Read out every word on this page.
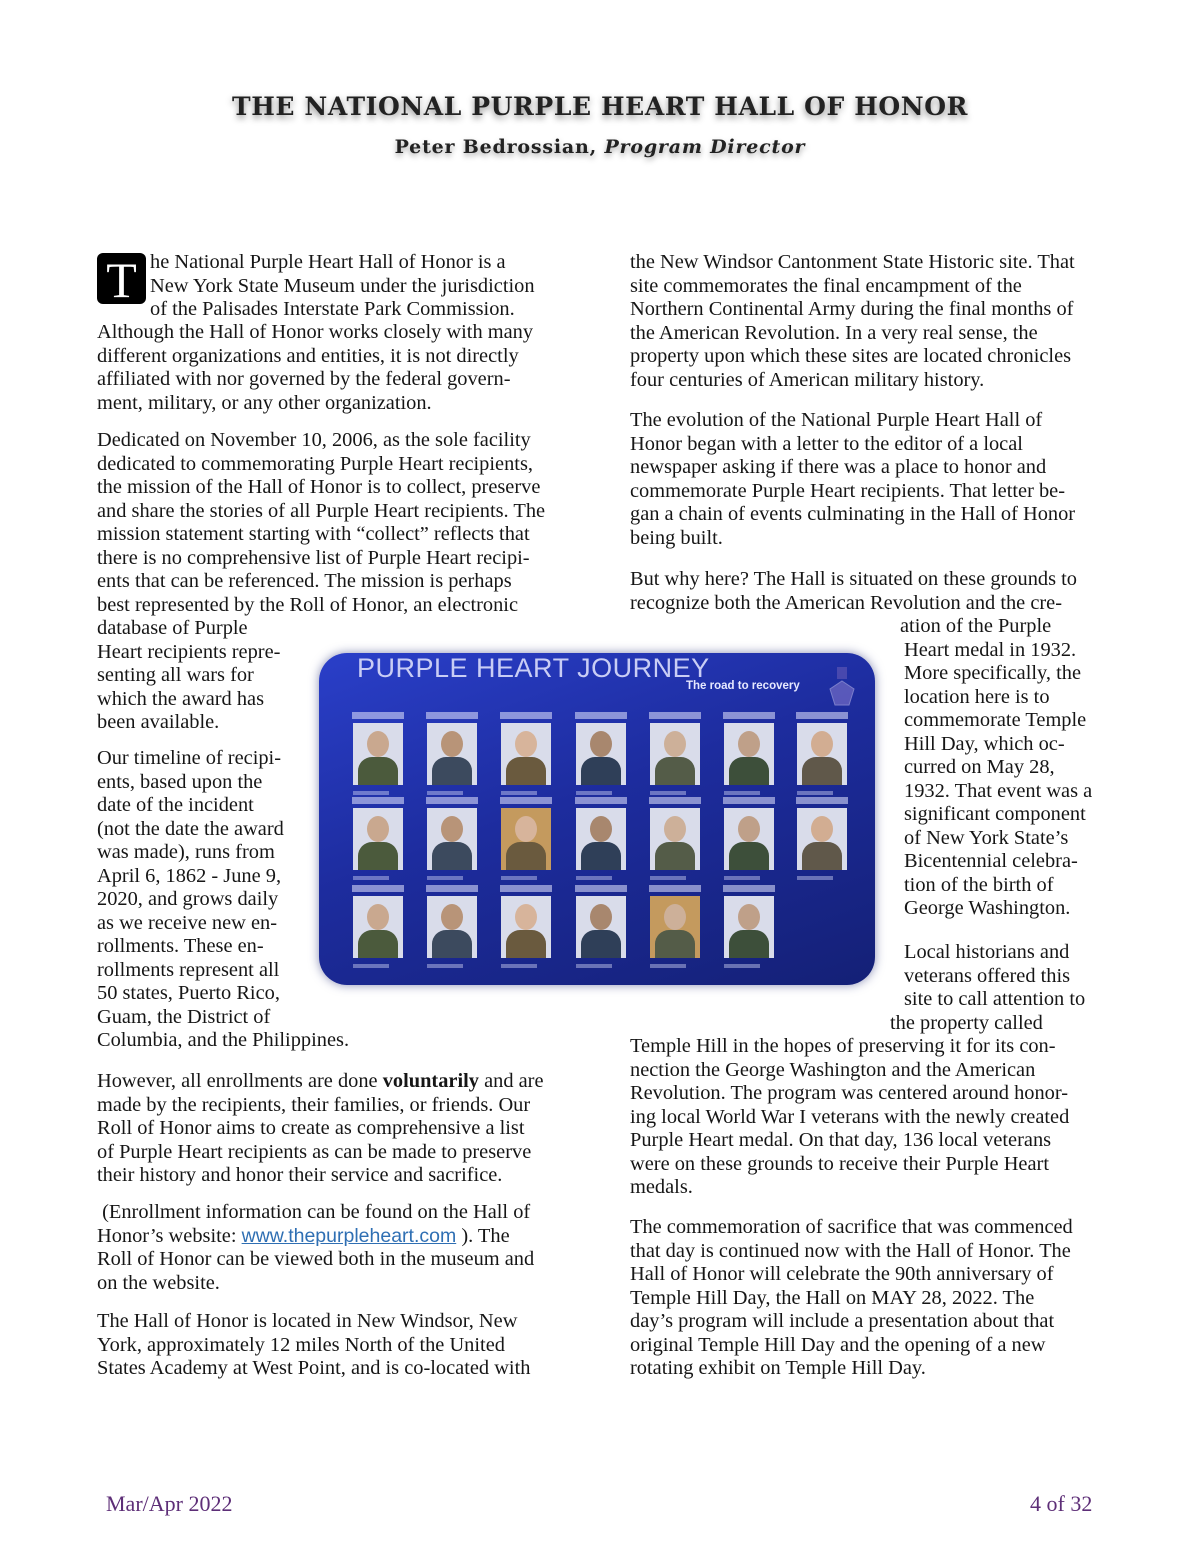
THE NATIONAL PURPLE HEART HALL OF HONOR
Peter Bedrossian, Program Director
T he National Purple Heart Hall of Honor is a
New York State Museum under the jurisdiction
of the Palisades Interstate Park Commission.
Although the Hall of Honor works closely with many
different organizations and entities, it is not directly
affiliated with nor governed by the federal govern-
ment, military, or any other organization.
Dedicated on November 10, 2006, as the sole facility
dedicated to commemorating Purple Heart recipients,
the mission of the Hall of Honor is to collect, preserve
and share the stories of all Purple Heart recipients. The
mission statement starting with “collect” reflects that
there is no comprehensive list of Purple Heart recipi-
ents that can be referenced. The mission is perhaps
best represented by the Roll of Honor, an electronic
database of Purple
Heart recipients repre-
senting all wars for
which the award has
been available.
Our timeline of recipi-
ents, based upon the
date of the incident
(not the date the award
was made), runs from
April 6, 1862 - June 9,
2020, and grows daily
as we receive new en-
rollments. These en-
rollments represent all
50 states, Puerto Rico,
Guam, the District of
Columbia, and the Philippines.
However, all enrollments are done voluntarily and are
made by the recipients, their families, or friends. Our
Roll of Honor aims to create as comprehensive a list
of Purple Heart recipients as can be made to preserve
their history and honor their service and sacrifice.
(Enrollment information can be found on the Hall of
Honor’s website: www.thepurpleheart.com ). The
Roll of Honor can be viewed both in the museum and
on the website.
The Hall of Honor is located in New Windsor, New
York, approximately 12 miles North of the United
States Academy at West Point, and is co-located with
the New Windsor Cantonment State Historic site. That
site commemorates the final encampment of the
Northern Continental Army during the final months of
the American Revolution. In a very real sense, the
property upon which these sites are located chronicles
four centuries of American military history.
The evolution of the National Purple Heart Hall of
Honor began with a letter to the editor of a local
newspaper asking if there was a place to honor and
commemorate Purple Heart recipients. That letter be-
gan a chain of events culminating in the Hall of Honor
being built.
But why here? The Hall is situated on these grounds to
recognize both the American Revolution and the cre-
ation of the Purple
Heart medal in 1932.
More specifically, the
location here is to
commemorate Temple
Hill Day, which oc-
curred on May 28,
1932. That event was a
significant component
of New York State’s
Bicentennial celebra-
tion of the birth of
George Washington.
Local historians and
veterans offered this
site to call attention to
the property called
Temple Hill in the hopes of preserving it for its con-
nection the George Washington and the American
Revolution. The program was centered around honor-
ing local World War I veterans with the newly created
Purple Heart medal. On that day, 136 local veterans
were on these grounds to receive their Purple Heart
medals.
The commemoration of sacrifice that was commenced
that day is continued now with the Hall of Honor. The
Hall of Honor will celebrate the 90th anniversary of
Temple Hill Day, the Hall on MAY 28, 2022. The
day’s program will include a presentation about that
original Temple Hill Day and the opening of a new
rotating exhibit on Temple Hill Day.
PURPLE HEART JOURNEY
The road to recovery
Mar/Apr 2022	4 of 32
